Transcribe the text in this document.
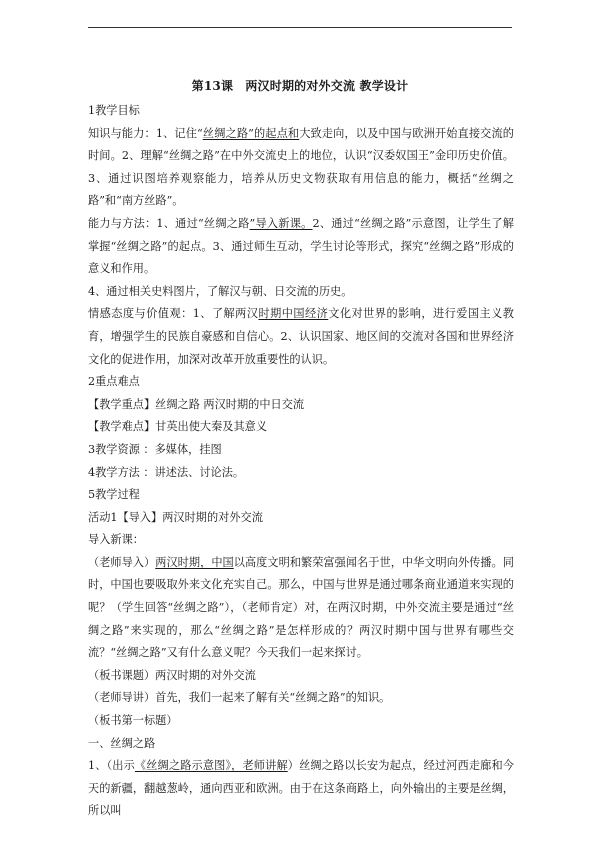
第13课　两汉时期的对外交流 教学设计

1教学目标

知识与能力：1、记住“丝绸之路”的起点和大致走向，以及中国与欧洲开始直接交流的时间。2、理解“丝绸之路”在中外交流史上的地位，认识“汉委奴国王”金印历史价值。3、通过识图培养观察能力，培养从历史文物获取有用信息的能力，概括“丝绸之路”和“南方丝路”。

能力与方法：1、通过“丝绸之路”导入新课。2、通过“丝绸之路”示意图，让学生了解掌握“丝绸之路”的起点。3、通过师生互动，学生讨论等形式，探究“丝绸之路”形成的意义和作用。

4、通过相关史料图片，了解汉与朝、日交流的历史。

情感态度与价值观：1、了解两汉时期中国经济文化对世界的影响，进行爱国主义教育，增强学生的民族自豪感和自信心。2、认识国家、地区间的交流对各国和世界经济文化的促进作用，加深对改革开放重要性的认识。

2重点难点

【教学重点】丝绸之路 两汉时期的中日交流

【教学难点】甘英出使大秦及其意义

3教学资源 ：多媒体，挂图

4教学方法 ：讲述法、讨论法。

5教学过程

活动1【导入】两汉时期的对外交流

导入新课：

（老师导入）两汉时期，中国以高度文明和繁荣富强闻名于世，中华文明向外传播。同时，中国也要吸取外来文化充实自己。那么，中国与世界是通过哪条商业通道来实现的呢？（学生回答“丝绸之路”），（老师肯定）对，在两汉时期，中外交流主要是通过“丝绸之路”来实现的，那么“丝绸之路”是怎样形成的？两汉时期中国与世界有哪些交流？“丝绸之路”又有什么意义呢？今天我们一起来探讨。

（板书课题）两汉时期的对外交流

（老师导讲）首先，我们一起来了解有关“丝绸之路”的知识。

（板书第一标题）

一、丝绸之路

1、（出示《丝绸之路示意图》，老师讲解）丝绸之路以长安为起点，经过河西走廊和今天的新疆，翻越葱岭，通向西亚和欧洲。由于在这条商路上，向外输出的主要是丝绸，所以叫
